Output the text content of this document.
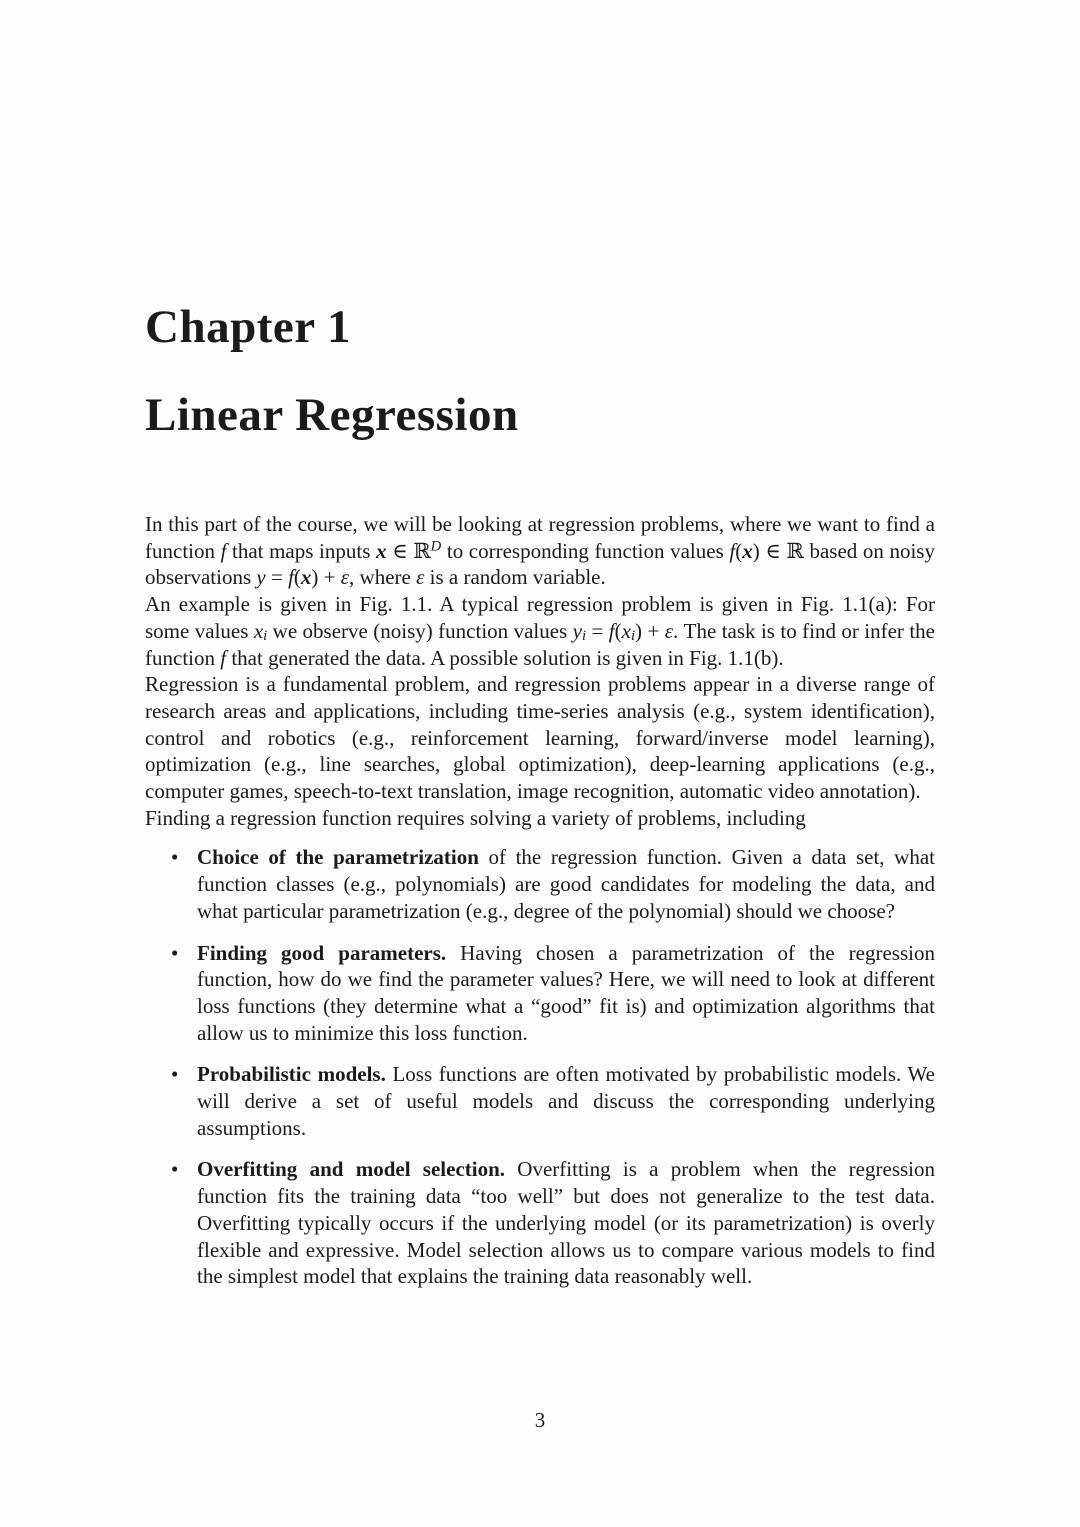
Chapter 1
Linear Regression

In this part of the course, we will be looking at regression problems, where we want to find a function f that maps inputs x ∈ ℝ$^D$ to corresponding function values f(x) ∈ ℝ based on noisy observations y = f(x) + ε, where ε is a random variable.

An example is given in Fig. 1.1. A typical regression problem is given in Fig. 1.1(a): For some values xi we observe (noisy) function values yi = f(xi) + ε. The task is to find or infer the function f that generated the data. A possible solution is given in Fig. 1.1(b).

Regression is a fundamental problem, and regression problems appear in a diverse range of research areas and applications, including time-series analysis (e.g., system identification), control and robotics (e.g., reinforcement learning, forward/inverse model learning), optimization (e.g., line searches, global optimization), deep-learning applications (e.g., computer games, speech-to-text translation, image recognition, automatic video annotation).

Finding a regression function requires solving a variety of problems, including

• Choice of the parametrization of the regression function. Given a data set, what function classes (e.g., polynomials) are good candidates for modeling the data, and what particular parametrization (e.g., degree of the polynomial) should we choose?
• Finding good parameters. Having chosen a parametrization of the regression function, how do we find the parameter values? Here, we will need to look at different loss functions (they determine what a “good” fit is) and optimization algorithms that allow us to minimize this loss function.
• Probabilistic models. Loss functions are often motivated by probabilistic models. We will derive a set of useful models and discuss the corresponding underlying assumptions.
• Overfitting and model selection. Overfitting is a problem when the regression function fits the training data “too well” but does not generalize to the test data. Overfitting typically occurs if the underlying model (or its parametrization) is overly flexible and expressive. Model selection allows us to compare various models to find the simplest model that explains the training data reasonably well.
3
